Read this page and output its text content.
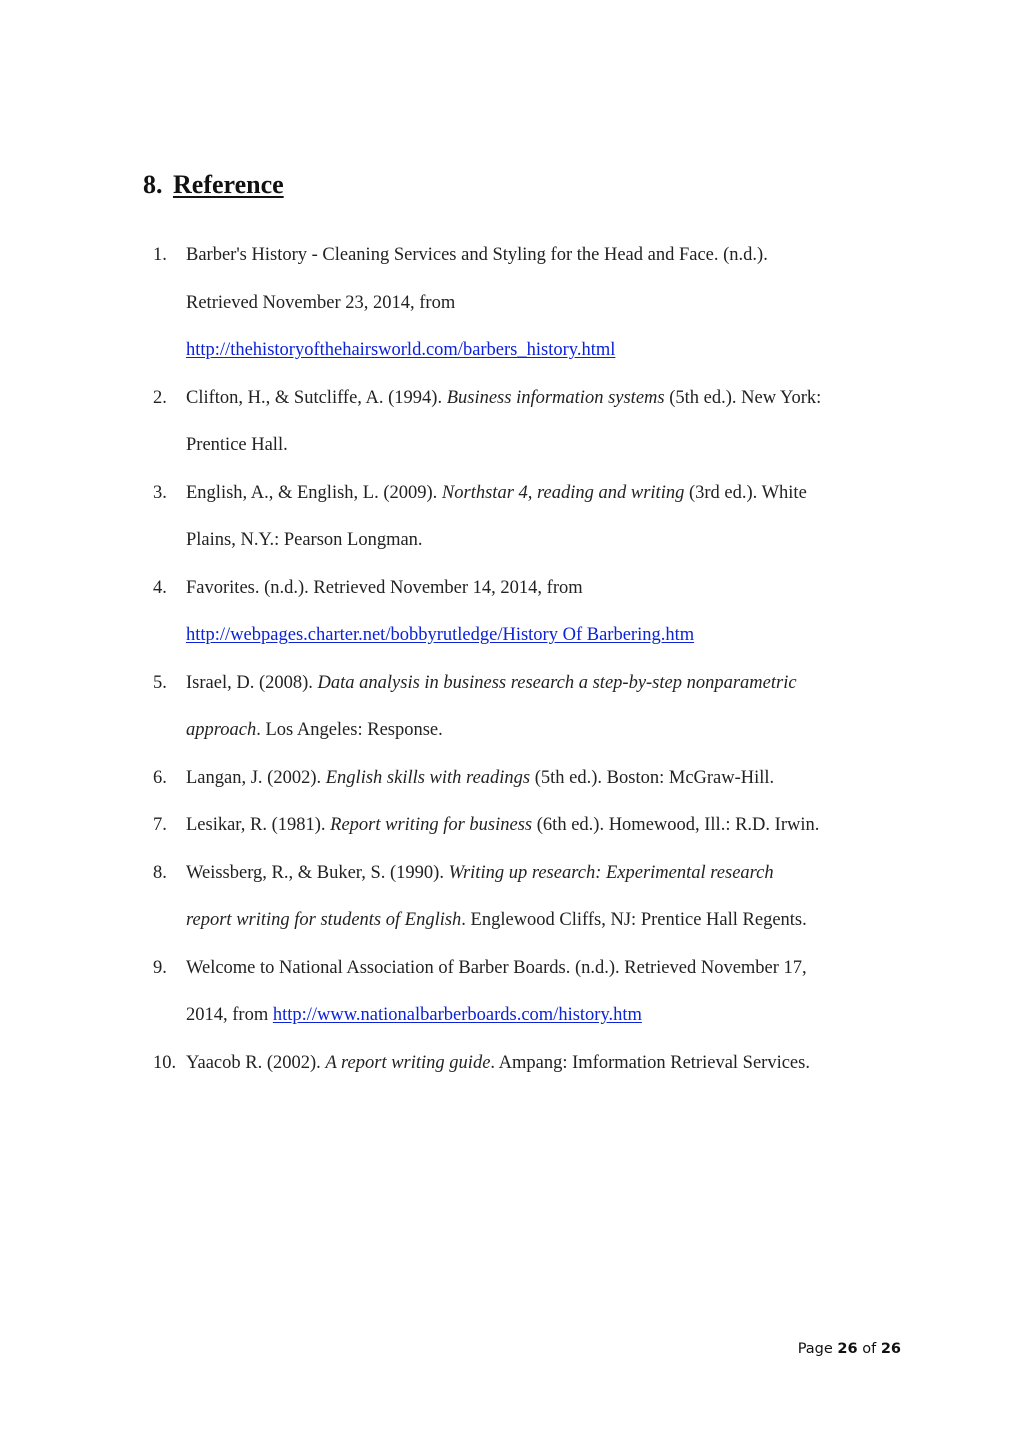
8. Reference
1. Barber's History - Cleaning Services and Styling for the Head and Face. (n.d.).
Retrieved November 23, 2014, from
http://thehistoryofthehairsworld.com/barbers_history.html
2. Clifton, H., & Sutcliffe, A. (1994). Business information systems (5th ed.). New York:
Prentice Hall.
3. English, A., & English, L. (2009). Northstar 4, reading and writing (3rd ed.). White
Plains, N.Y.: Pearson Longman.
4. Favorites. (n.d.). Retrieved November 14, 2014, from
http://webpages.charter.net/bobbyrutledge/History Of Barbering.htm
5. Israel, D. (2008). Data analysis in business research a step-by-step nonparametric
approach. Los Angeles: Response.
6. Langan, J. (2002). English skills with readings (5th ed.). Boston: McGraw-Hill.
7. Lesikar, R. (1981). Report writing for business (6th ed.). Homewood, Ill.: R.D. Irwin.
8. Weissberg, R., & Buker, S. (1990). Writing up research: Experimental research
report writing for students of English. Englewood Cliffs, NJ: Prentice Hall Regents.
9. Welcome to National Association of Barber Boards. (n.d.). Retrieved November 17,
2014, from http://www.nationalbarberboards.com/history.htm
10. Yaacob R. (2002). A report writing guide. Ampang: Imformation Retrieval Services.
Page 26 of 26
